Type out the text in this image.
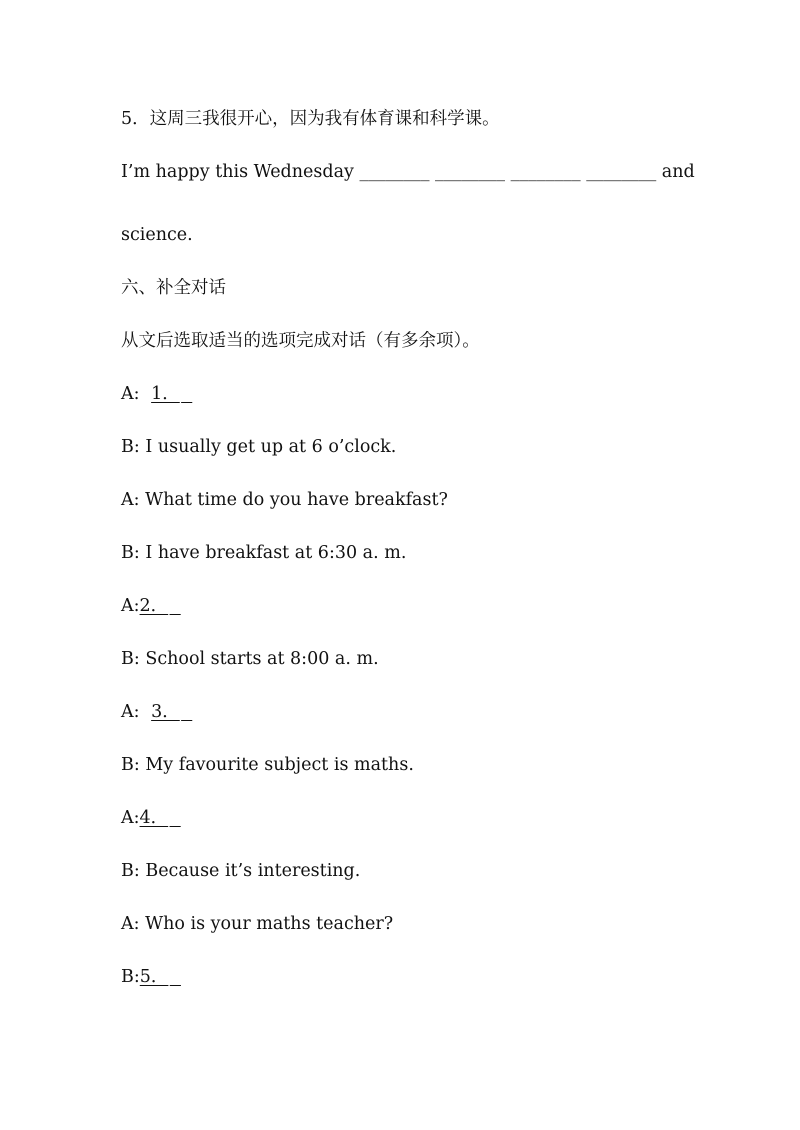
5．这周三我很开心，因为我有体育课和科学课。
I’m happy this Wednesday ________ ________ ________ ________ and
science.
六、补全对话
从文后选取适当的选项完成对话（有多余项）。
A: 1．
B: I usually get up at 6 o’clock.
A: What time do you have breakfast?
B: I have breakfast at 6:30 a. m.
A:2．
B: School starts at 8:00 a. m.
A: 3．
B: My favourite subject is maths.
A:4．
B: Because it’s interesting.
A: Who is your maths teacher?
B:5．
